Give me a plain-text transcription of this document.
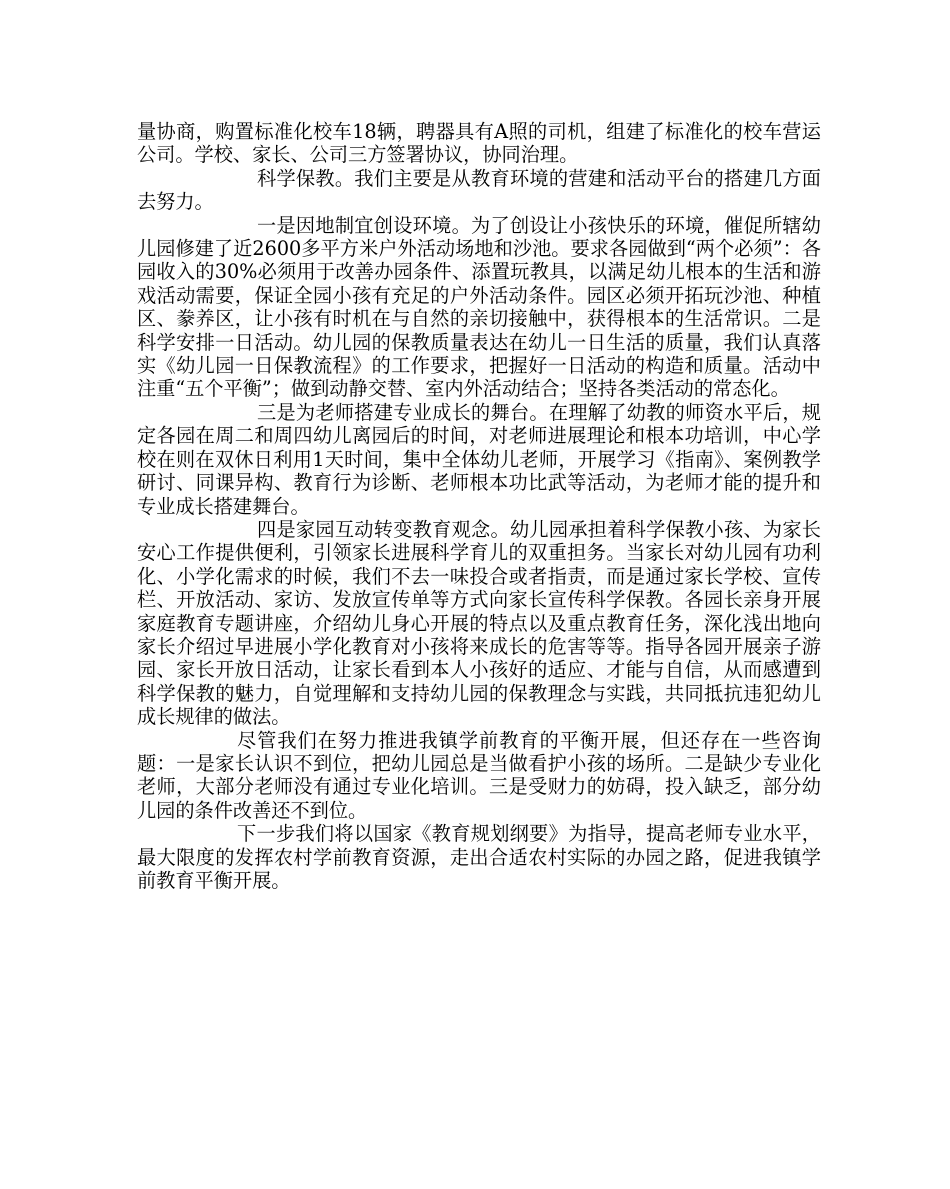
量协商，购置标准化校车18辆，聘器具有A照的司机，组建了标准化的校车营运公司。学校、家长、公司三方签署协议，协同治理。

科学保教。我们主要是从教育环境的营建和活动平台的搭建几方面去努力。

一是因地制宜创设环境。为了创设让小孩快乐的环境，催促所辖幼儿园修建了近2600多平方米户外活动场地和沙池。要求各园做到“两个必须”：各园收入的30%必须用于改善办园条件、添置玩教具，以满足幼儿根本的生活和游戏活动需要，保证全园小孩有充足的户外活动条件。园区必须开拓玩沙池、种植区、豢养区，让小孩有时机在与自然的亲切接触中，获得根本的生活常识。二是科学安排一日活动。幼儿园的保教质量表达在幼儿一日生活的质量，我们认真落实《幼儿园一日保教流程》的工作要求，把握好一日活动的构造和质量。活动中注重“五个平衡”；做到动静交替、室内外活动结合；坚持各类活动的常态化。

三是为老师搭建专业成长的舞台。在理解了幼教的师资水平后，规定各园在周二和周四幼儿离园后的时间，对老师进展理论和根本功培训，中心学校在则在双休日利用1天时间，集中全体幼儿老师，开展学习《指南》、案例教学研讨、同课异构、教育行为诊断、老师根本功比武等活动，为老师才能的提升和专业成长搭建舞台。

四是家园互动转变教育观念。幼儿园承担着科学保教小孩、为家长安心工作提供便利，引领家长进展科学育儿的双重担务。当家长对幼儿园有功利化、小学化需求的时候，我们不去一味投合或者指责，而是通过家长学校、宣传栏、开放活动、家访、发放宣传单等方式向家长宣传科学保教。各园长亲身开展家庭教育专题讲座，介绍幼儿身心开展的特点以及重点教育任务，深化浅出地向家长介绍过早进展小学化教育对小孩将来成长的危害等等。指导各园开展亲子游园、家长开放日活动，让家长看到本人小孩好的适应、才能与自信，从而感遭到科学保教的魅力，自觉理解和支持幼儿园的保教理念与实践，共同抵抗违犯幼儿成长规律的做法。

尽管我们在努力推进我镇学前教育的平衡开展，但还存在一些咨询题：一是家长认识不到位，把幼儿园总是当做看护小孩的场所。二是缺少专业化老师，大部分老师没有通过专业化培训。三是受财力的妨碍，投入缺乏，部分幼儿园的条件改善还不到位。

下一步我们将以国家《教育规划纲要》为指导，提高老师专业水平，最大限度的发挥农村学前教育资源，走出合适农村实际的办园之路，促进我镇学前教育平衡开展。
